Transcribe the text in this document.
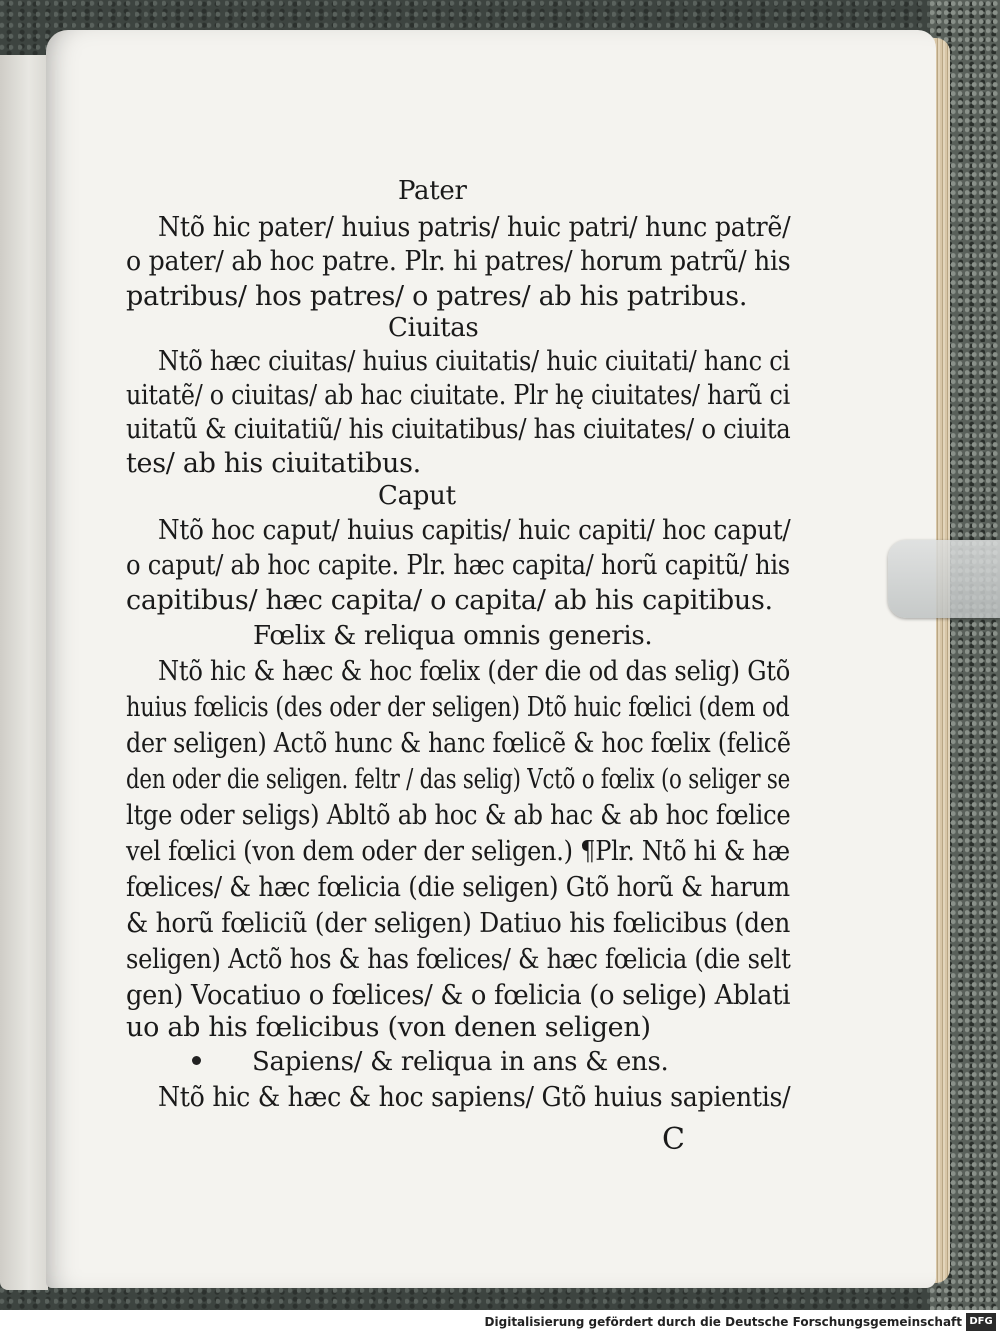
Pater
Ntõ hic pater/ huius patris/ huic patri/ hunc patrẽ/
o pater/ ab hoc patre. Plr. hi patres/ horum patrũ/ his
patribus/ hos patres/ o patres/ ab his patribus.
Ciuitas
Ntõ hæc ciuitas/ huius ciuitatis/ huic ciuitati/ hanc ci
uitatẽ/ o ciuitas/ ab hac ciuitate. Plr hę ciuitates/ harũ ci
uitatũ & ciuitatiũ/ his ciuitatibus/ has ciuitates/ o ciuita
tes/ ab his ciuitatibus.
Caput
Ntõ hoc caput/ huius capitis/ huic capiti/ hoc caput/
o caput/ ab hoc capite. Plr. hæc capita/ horũ capitũ/ his
capitibus/ hæc capita/ o capita/ ab his capitibus.
Fœlix & reliqua omnis generis.
Ntõ hic & hæc & hoc fœlix (der die od das selig) Gtõ
huius fœlicis (des oder der seligen) Dtõ huic fœlici (dem od
der seligen) Actõ hunc & hanc fœlicẽ & hoc fœlix (felicẽ
den oder die seligen. feltr / das selig) Vctõ o fœlix (o seliger se
ltge oder seligs) Abltõ ab hoc & ab hac & ab hoc fœlice
vel fœlici (von dem oder der seligen.) ¶Plr. Ntõ hi & hæ
fœlices/ & hæc fœlicia (die seligen) Gtõ horũ & harum
& horũ fœliciũ (der seligen) Datiuo his fœlicibus (den
seligen) Actõ hos & has fœlices/ & hæc fœlicia (die selt
gen) Vocatiuo o fœlices/ & o fœlicia (o selige) Ablati
uo ab his fœlicibus (von denen seligen)
Sapiens/ & reliqua in ans & ens.
Ntõ hic & hæc & hoc sapiens/ Gtõ huius sapientis/
C
Digitalisierung gefördert durch die Deutsche Forschungsgemeinschaft DFG
